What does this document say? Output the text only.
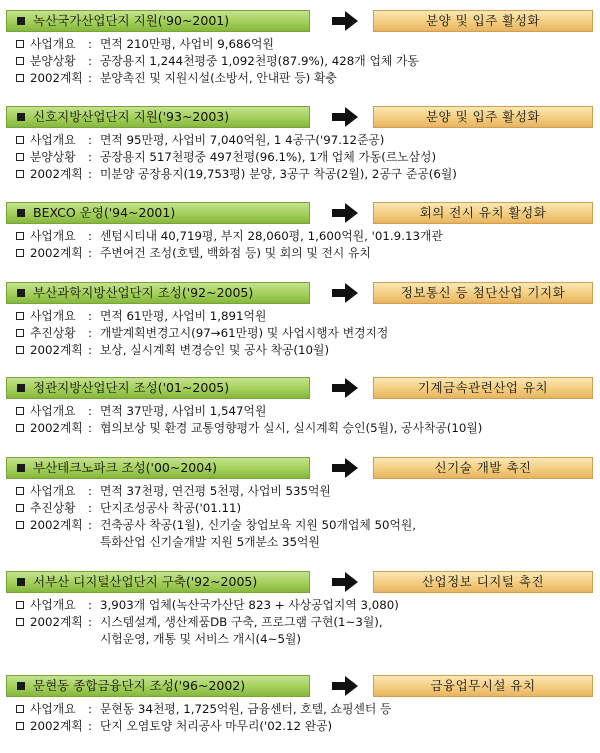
녹산국가산업단지 지원('90~2001)	분양 및 입주 활성화
사업개요	: 면적 210만평, 사업비 9,686억원
분양상황	: 공장용지 1,244천평중 1,092천평(87.9%), 428개 업체 가동
2002계획 : 분양촉진 및 지원시설(소방서, 안내판 등) 확충
신호지방산업단지 지원('93~2003)	분양 및 입주 활성화
사업개요	: 면적 95만평, 사업비 7,040억원, 1 4공구('97.12준공)
분양상황	: 공장용지 517천평중 497천평(96.1%), 1개 업체 가동(르노삼성)
2002계획 : 미분양 공장용지(19,753평) 분양, 3공구 착공(2월), 2공구 준공(6월)
BEXCO 운영('94~2001)	회의 전시 유치 활성화
사업개요	: 센텀시티내 40,719평, 부지 28,060평, 1,600억원, '01.9.13개관
2002계획 : 주변여건 조성(호텔, 백화점 등) 및 회의 및 전시 유치
부산과학지방산업단지 조성('92~2005)	정보통신 등 첨단산업 기지화
사업개요	: 면적 61만평, 사업비 1,891억원
추진상황	: 개발계획변경고시(97→61만평) 및 사업시행자 변경지정
2002계획 : 보상, 실시계획 변경승인 및 공사 착공(10월)
정관지방산업단지 조성('01~2005)	기계금속관련산업 유치
사업개요	: 면적 37만평, 사업비 1,547억원
2002계획 : 협의보상 및 환경 교통영향평가 실시, 실시계획 승인(5월), 공사착공(10월)
부산테크노파크 조성('00~2004)	신기술 개발 촉진
사업개요	: 면적 37천평, 연건평 5천평, 사업비 535억원
추진상황	: 단지조성공사 착공('01.11)
2002계획 : 건축공사 착공(1월), 신기술 창업보육 지원 50개업체 50억원,
특화산업 신기술개발 지원 5개분소 35억원
서부산 디지털산업단지 구축('92~2005)	산업정보 디지털 촉진
사업개요	: 3,903개 업체(녹산국가산단 823 + 사상공업지역 3,080)
2002계획 : 시스템설계, 생산제품DB 구축, 프로그램 구현(1~3월),
시험운영, 개통 및 서비스 개시(4~5월)
문현동 종합금융단지 조성('96~2002)	금융업무시설 유치
사업개요	: 문현동 34천평, 1,725억원, 금융센터, 호텔, 쇼핑센터 등
2002계획 : 단지 오염토양 처리공사 마무리('02.12 완공)
